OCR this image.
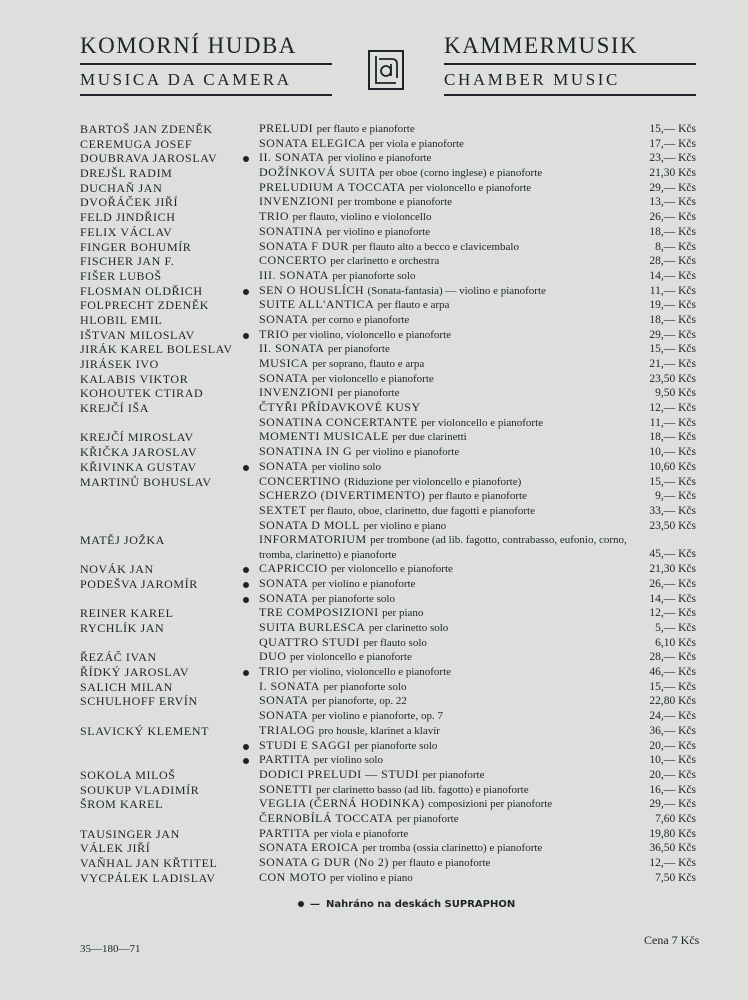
KOMORNÍ HUDBA
MUSICA DA CAMERA
KAMMERMUSIK
CHAMBER MUSIC
BARTOŠ JAN ZDENĚK	PRELUDI per flauto e pianoforte	15,— Kčs
CEREMUGA JOSEF	SONATA ELEGICA per viola e pianoforte	17,— Kčs
DOUBRAVA JAROSLAV	II. SONATA per violino e pianoforte	23,— Kčs
DREJŠL RADIM	DOŽÍNKOVÁ SUITA per oboe (corno inglese) e pianoforte	21,30 Kčs
DUCHAŇ JAN	PRELUDIUM A TOCCATA per violoncello e pianoforte	29,— Kčs
DVOŘÁČEK JIŘÍ	INVENZIONI per trombone e pianoforte	13,— Kčs
FELD JINDŘICH	TRIO per flauto, violino e violoncello	26,— Kčs
FELIX VÁCLAV	SONATINA per violino e pianoforte	18,— Kčs
FINGER BOHUMÍR	SONATA F DUR per flauto alto a becco e clavicembalo	8,— Kčs
FISCHER JAN F.	CONCERTO per clarinetto e orchestra	28,— Kčs
FIŠER LUBOŠ	III. SONATA per pianoforte solo	14,— Kčs
FLOSMAN OLDŘICH	SEN O HOUSLÍCH (Sonata-fantasia) — violino e pianoforte	11,— Kčs
FOLPRECHT ZDENĚK	SUITE ALL'ANTICA per flauto e arpa	19,— Kčs
HLOBIL EMIL	SONATA per corno e pianoforte	18,— Kčs
IŠTVAN MILOSLAV	TRIO per violino, violoncello e pianoforte	29,— Kčs
JIRÁK KAREL BOLESLAV	II. SONATA per pianoforte	15,— Kčs
JIRÁSEK IVO	MUSICA per soprano, flauto e arpa	21,— Kčs
KALABIS VIKTOR	SONATA per violoncello e pianoforte	23,50 Kčs
KOHOUTEK CTIRAD	INVENZIONI per pianoforte	9,50 Kčs
KREJČÍ IŠA	ČTYŘI PŘÍDAVKOVÉ KUSY	12,— Kčs
SONATINA CONCERTANTE per violoncello e pianoforte	11,— Kčs
KREJČÍ MIROSLAV	MOMENTI MUSICALE per due clarinetti	18,— Kčs
KŘIČKA JAROSLAV	SONATINA IN G per violino e pianoforte	10,— Kčs
KŘIVINKA GUSTAV	SONATA per violino solo	10,60 Kčs
MARTINŮ BOHUSLAV	CONCERTINO (Riduzione per violoncello e pianoforte)	15,— Kčs
SCHERZO (DIVERTIMENTO) per flauto e pianoforte	9,— Kčs
SEXTET per flauto, oboe, clarinetto, due fagotti e pianoforte	33,— Kčs
SONATA D MOLL per violino e piano	23,50 Kčs
MATĚJ JOŽKA	INFORMATORIUM per trombone (ad lib. fagotto, contrabasso, eufonio, corno, tromba, clarinetto) e pianoforte	45,— Kčs
NOVÁK JAN	CAPRICCIO per violoncello e pianoforte	21,30 Kčs
PODEŠVA JAROMÍR	SONATA per violino e pianoforte	26,— Kčs
SONATA per pianoforte solo	14,— Kčs
REINER KAREL	TRE COMPOSIZIONI per piano	12,— Kčs
RYCHLÍK JAN	SUITA BURLESCA per clarinetto solo	5,— Kčs
QUATTRO STUDI per flauto solo	6,10 Kčs
ŘEZÁČ IVAN	DUO per violoncello e pianoforte	28,— Kčs
ŘÍDKÝ JAROSLAV	TRIO per violino, violoncello e pianoforte	46,— Kčs
SALICH MILAN	I. SONATA per pianoforte solo	15,— Kčs
SCHULHOFF ERVÍN	SONATA per pianoforte, op. 22	22,80 Kčs
SONATA per violino e pianoforte, op. 7	24,— Kčs
SLAVICKÝ KLEMENT	TRIALOG pro housle, klarinet a klavír	36,— Kčs
STUDI E SAGGI per pianoforte solo	20,— Kčs
PARTITA per violino solo	10,— Kčs
SOKOLA MILOŠ	DODICI PRELUDI — STUDI per pianoforte	20,— Kčs
SOUKUP VLADIMÍR	SONETTI per clarinetto basso (ad lib. fagotto) e pianoforte	16,— Kčs
ŠROM KAREL	VEGLIA (ČERNÁ HODINKA) composizioni per pianoforte	29,— Kčs
ČERNOBÍLÁ TOCCATA per pianoforte	7,60 Kčs
TAUSINGER JAN	PARTITA per viola e pianoforte	19,80 Kčs
VÁLEK JIŘÍ	SONATA EROICA per tromba (ossia clarinetto) e pianoforte	36,50 Kčs
VAŇHAL JAN KŘTITEL	SONATA G DUR (No 2) per flauto e pianoforte	12,— Kčs
VYCPÁLEK LADISLAV	CON MOTO per violino e piano	7,50 Kčs
— Nahráno na deskách SUPRAPHON
35—180—71
Cena 7 Kčs
